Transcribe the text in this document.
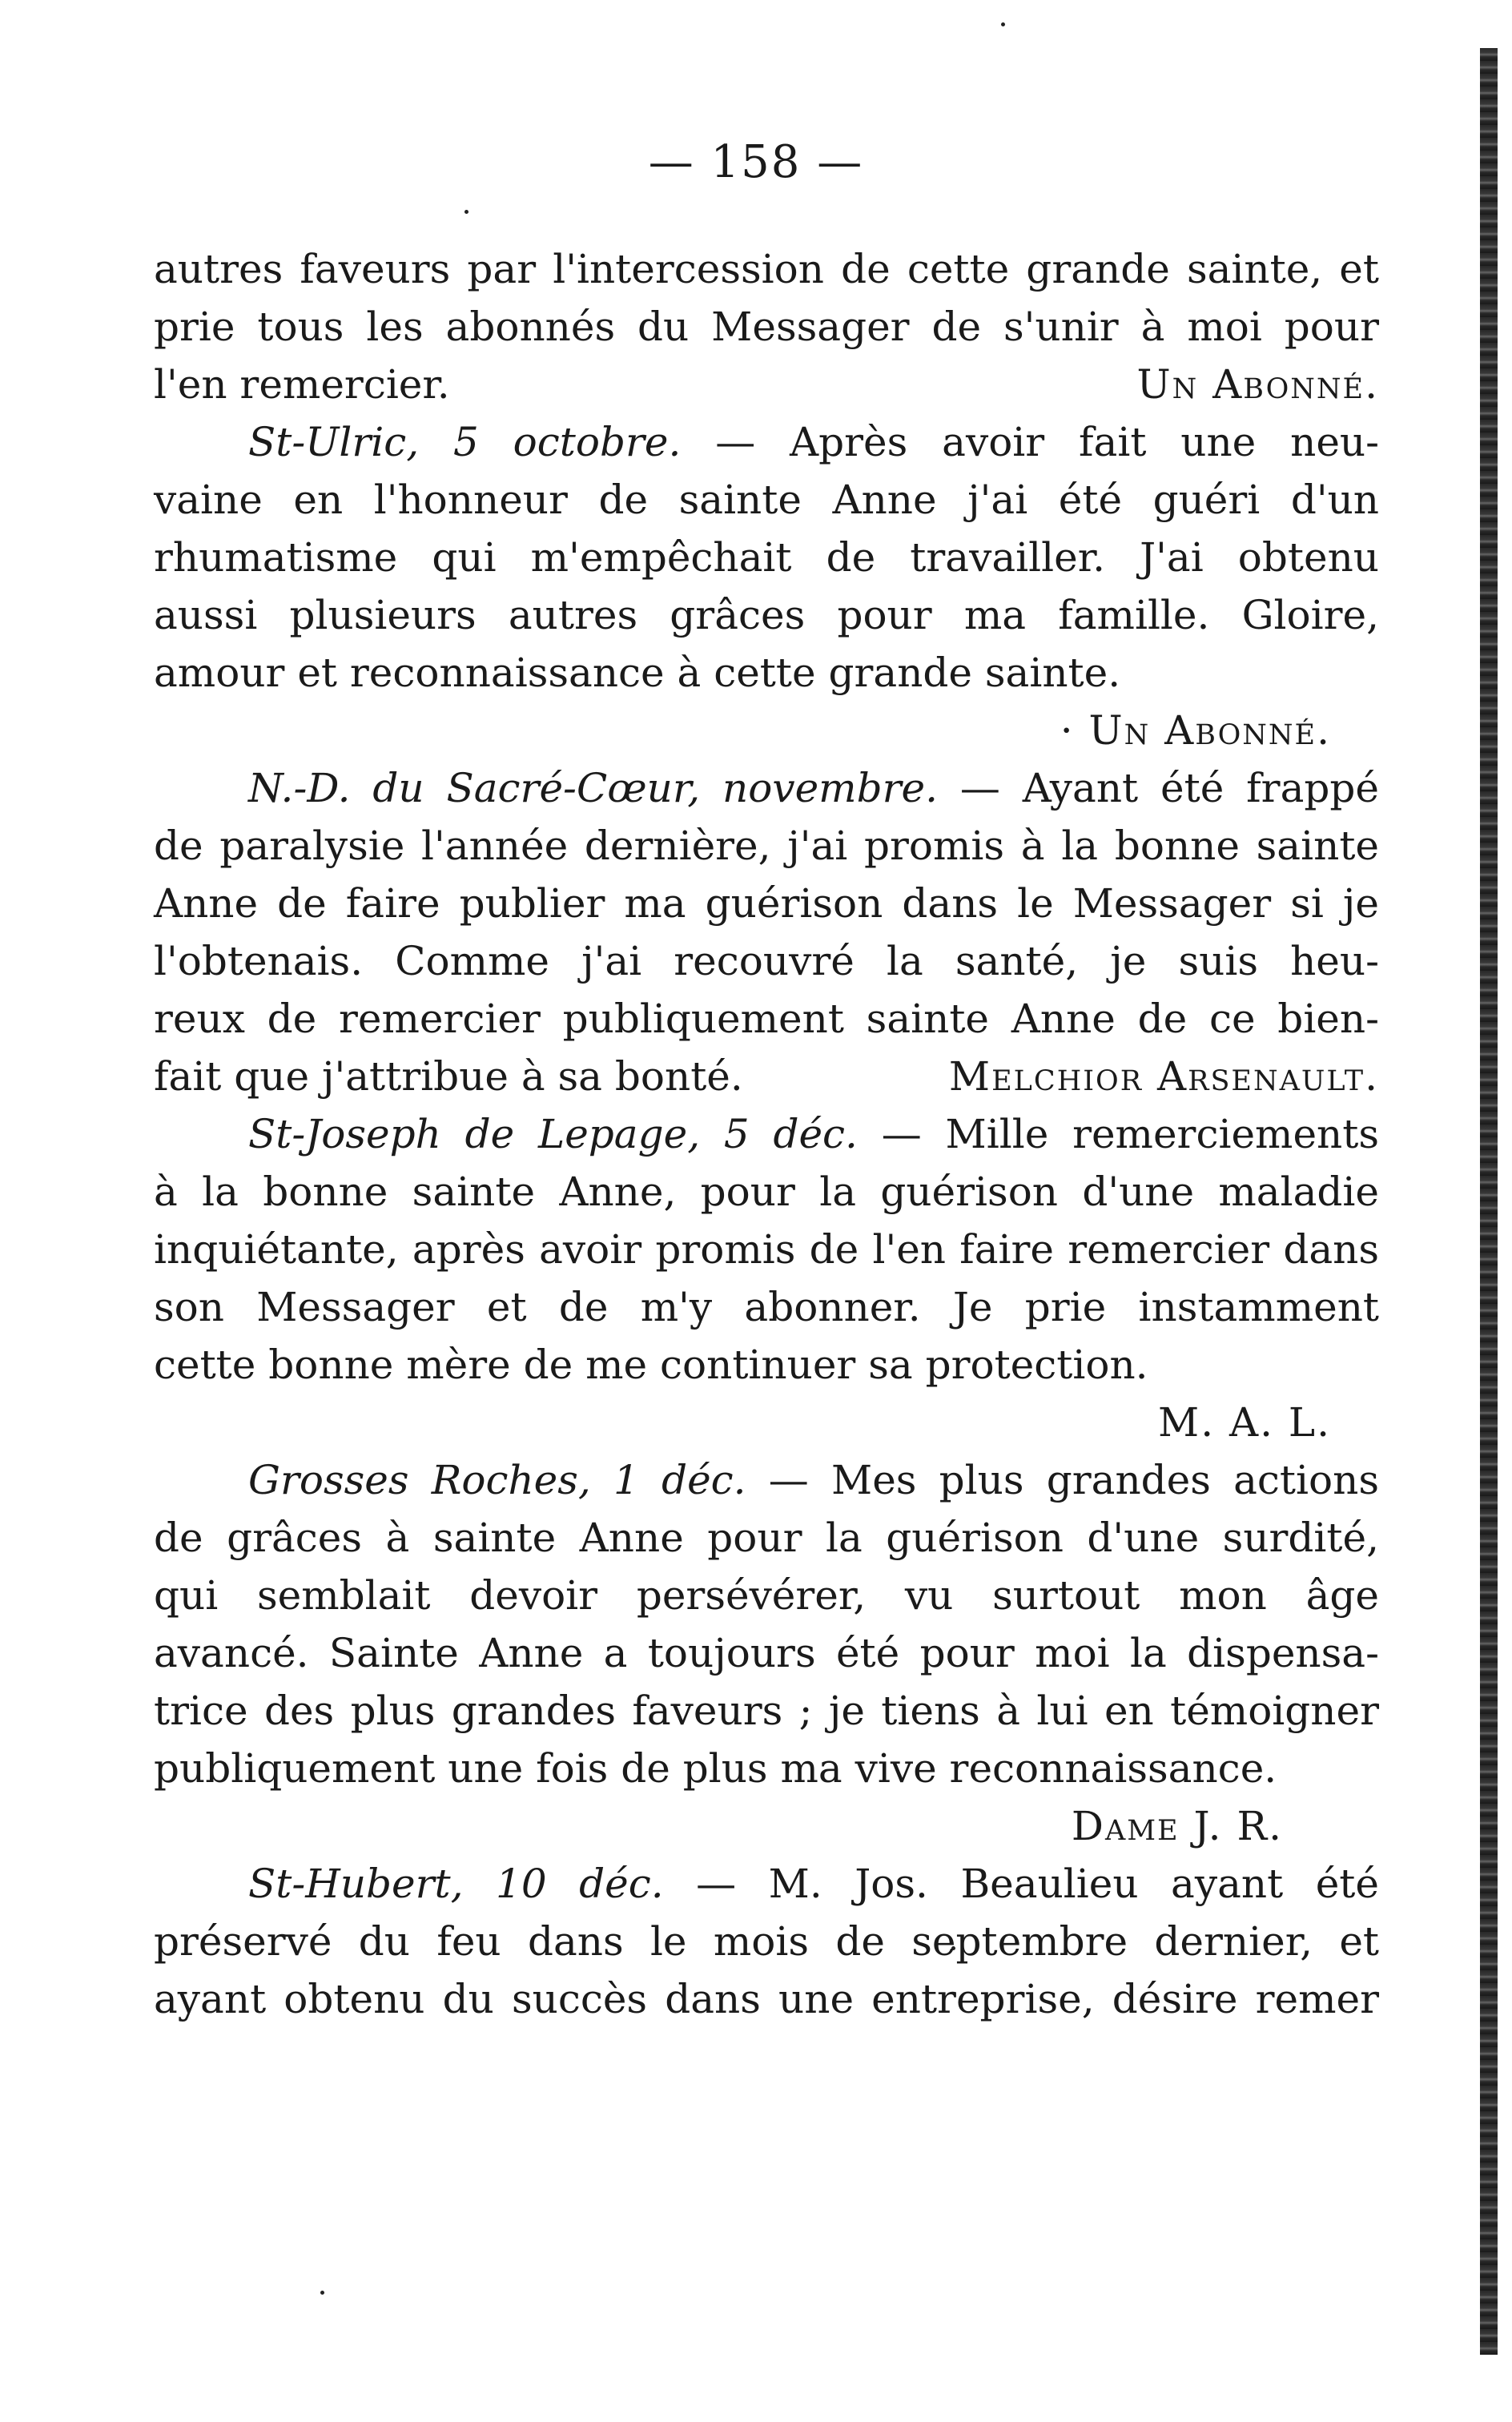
— 158 —
autres faveurs par l'intercession de cette grande sainte, et
prie tous les abonnés du Messager de s'unir à moi pour
l'en remercier.	Un Abonné.
St-Ulric, 5 octobre. — Après avoir fait une neu-
vaine en l'honneur de sainte Anne j'ai été guéri d'un
rhumatisme qui m'empêchait de travailler. J'ai obtenu
aussi plusieurs autres grâces pour ma famille. Gloire,
amour et reconnaissance à cette grande sainte.
· Un Abonné.
N.-D. du Sacré-Cœur, novembre. — Ayant été frappé
de paralysie l'année dernière, j'ai promis à la bonne sainte
Anne de faire publier ma guérison dans le Messager si je
l'obtenais. Comme j'ai recouvré la santé, je suis heu-
reux de remercier publiquement sainte Anne de ce bien-
fait que j'attribue à sa bonté.	Melchior Arsenault.
St-Joseph de Lepage, 5 déc. — Mille remerciements
à la bonne sainte Anne, pour la guérison d'une maladie
inquiétante, après avoir promis de l'en faire remercier dans
son Messager et de m'y abonner. Je prie instamment
cette bonne mère de me continuer sa protection.
M. A. L.
Grosses Roches, 1 déc. — Mes plus grandes actions
de grâces à sainte Anne pour la guérison d'une surdité,
qui semblait devoir persévérer, vu surtout mon âge
avancé. Sainte Anne a toujours été pour moi la dispensa-
trice des plus grandes faveurs ; je tiens à lui en témoigner
publiquement une fois de plus ma vive reconnaissance.
Dame J. R.
St-Hubert, 10 déc. — M. Jos. Beaulieu ayant été
préservé du feu dans le mois de septembre dernier, et
ayant obtenu du succès dans une entreprise, désire remer
